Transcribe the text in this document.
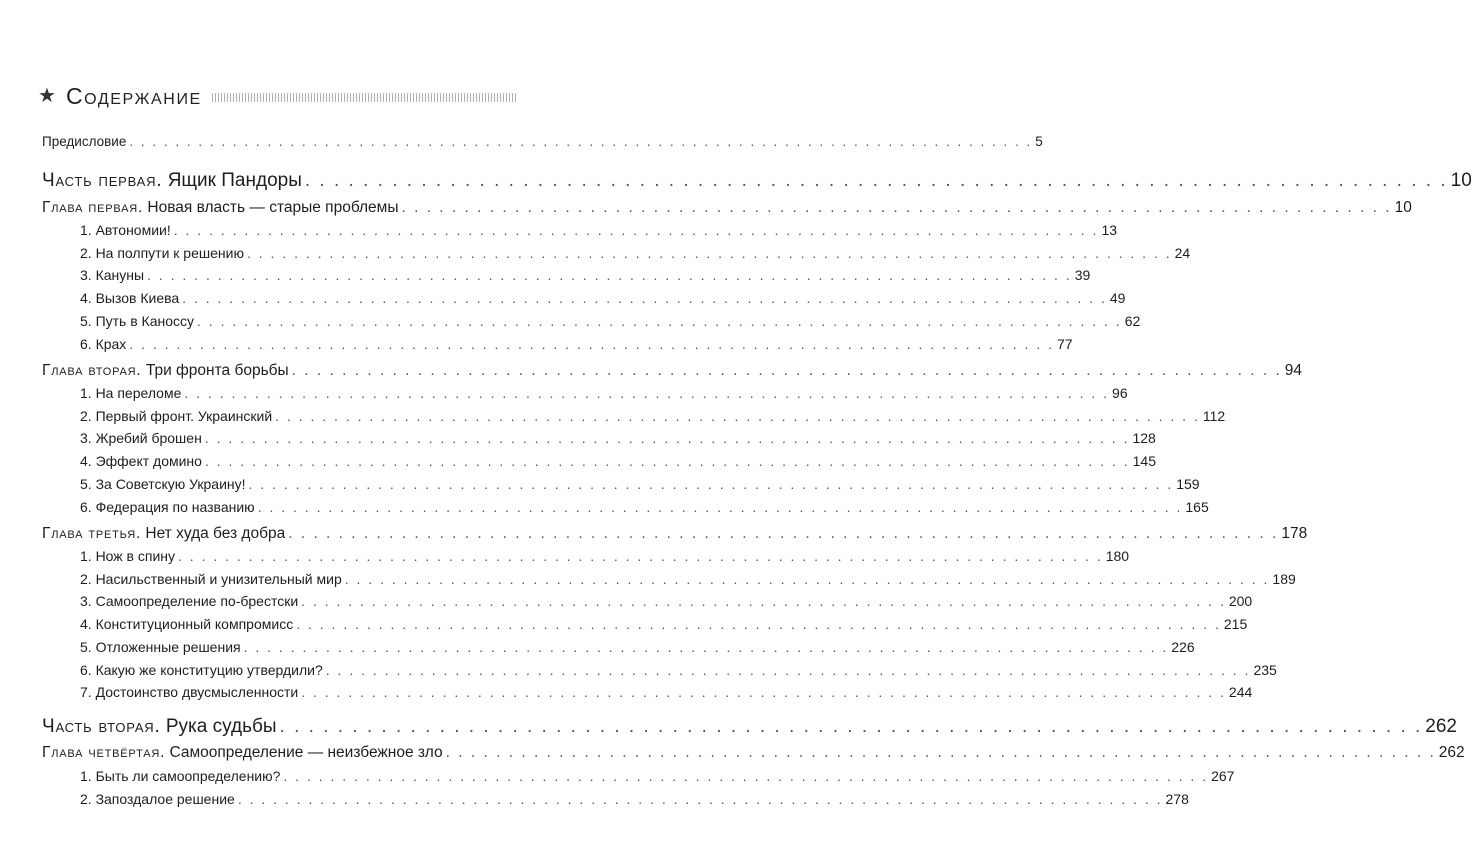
★ Содержание
Предисловие . . . . . . . . . . . . . . . . . . . . . . . . . . . . . . . . . . . . . . . . . . . . . . . . . . . . . . . . . . . . . . . . . . . . . . . . . . . . . . . 5
Часть первая. Ящик Пандоры . . . . . . . . . . . . . . . . . . . . . . . . . . . . . . . . . . . . . . . . . . . . . . . . . . . . . . . . . . . . . . . . . . . . . . . . . . . . . . . 10
Глава первая. Новая власть — старые проблемы . . . . . . . . . . . . . . . . . . . . . . . . . . . . . . . . . . . . . . . . . . . . . . . . . . . . . . . . . . . . . . . . . . . . . . . . . . . . . . . 10
1. Автономии! . . . . . . . . . . . . . . . . . . . . . . . . . . . . . . . . . . . . . . . . . . . . . . . . . . . . . . . . . . . . . . . . . . . . . . . . . . . . . . . 13
2. На полпути к решению . . . . . . . . . . . . . . . . . . . . . . . . . . . . . . . . . . . . . . . . . . . . . . . . . . . . . . . . . . . . . . . . . . . . . . . . . . . . . . . 24
3. Кануны . . . . . . . . . . . . . . . . . . . . . . . . . . . . . . . . . . . . . . . . . . . . . . . . . . . . . . . . . . . . . . . . . . . . . . . . . . . . . . . 39
4. Вызов Киева . . . . . . . . . . . . . . . . . . . . . . . . . . . . . . . . . . . . . . . . . . . . . . . . . . . . . . . . . . . . . . . . . . . . . . . . . . . . . . . 49
5. Путь в Каноссу . . . . . . . . . . . . . . . . . . . . . . . . . . . . . . . . . . . . . . . . . . . . . . . . . . . . . . . . . . . . . . . . . . . . . . . . . . . . . . . 62
6. Крах . . . . . . . . . . . . . . . . . . . . . . . . . . . . . . . . . . . . . . . . . . . . . . . . . . . . . . . . . . . . . . . . . . . . . . . . . . . . . . . 77
Глава вторая. Три фронта борьбы . . . . . . . . . . . . . . . . . . . . . . . . . . . . . . . . . . . . . . . . . . . . . . . . . . . . . . . . . . . . . . . . . . . . . . . . . . . . . . . 94
1. На переломе . . . . . . . . . . . . . . . . . . . . . . . . . . . . . . . . . . . . . . . . . . . . . . . . . . . . . . . . . . . . . . . . . . . . . . . . . . . . . . . 96
2. Первый фронт. Украинский . . . . . . . . . . . . . . . . . . . . . . . . . . . . . . . . . . . . . . . . . . . . . . . . . . . . . . . . . . . . . . . . . . . . . . . . . . . . . . . 112
3. Жребий брошен . . . . . . . . . . . . . . . . . . . . . . . . . . . . . . . . . . . . . . . . . . . . . . . . . . . . . . . . . . . . . . . . . . . . . . . . . . . . . . . 128
4. Эффект домино . . . . . . . . . . . . . . . . . . . . . . . . . . . . . . . . . . . . . . . . . . . . . . . . . . . . . . . . . . . . . . . . . . . . . . . . . . . . . . . 145
5. За Советскую Украину! . . . . . . . . . . . . . . . . . . . . . . . . . . . . . . . . . . . . . . . . . . . . . . . . . . . . . . . . . . . . . . . . . . . . . . . . . . . . . . . 159
6. Федерация по названию . . . . . . . . . . . . . . . . . . . . . . . . . . . . . . . . . . . . . . . . . . . . . . . . . . . . . . . . . . . . . . . . . . . . . . . . . . . . . . . 165
Глава третья. Нет худа без добра . . . . . . . . . . . . . . . . . . . . . . . . . . . . . . . . . . . . . . . . . . . . . . . . . . . . . . . . . . . . . . . . . . . . . . . . . . . . . . . 178
1. Нож в спину . . . . . . . . . . . . . . . . . . . . . . . . . . . . . . . . . . . . . . . . . . . . . . . . . . . . . . . . . . . . . . . . . . . . . . . . . . . . . . . 180
2. Насильственный и унизительный мир . . . . . . . . . . . . . . . . . . . . . . . . . . . . . . . . . . . . . . . . . . . . . . . . . . . . . . . . . . . . . . . . . . . . . . . . . . . . . . . 189
3. Самоопределение по-брестски . . . . . . . . . . . . . . . . . . . . . . . . . . . . . . . . . . . . . . . . . . . . . . . . . . . . . . . . . . . . . . . . . . . . . . . . . . . . . . . 200
4. Конституционный компромисс . . . . . . . . . . . . . . . . . . . . . . . . . . . . . . . . . . . . . . . . . . . . . . . . . . . . . . . . . . . . . . . . . . . . . . . . . . . . . . . 215
5. Отложенные решения . . . . . . . . . . . . . . . . . . . . . . . . . . . . . . . . . . . . . . . . . . . . . . . . . . . . . . . . . . . . . . . . . . . . . . . . . . . . . . . 226
6. Какую же конституцию утвердили? . . . . . . . . . . . . . . . . . . . . . . . . . . . . . . . . . . . . . . . . . . . . . . . . . . . . . . . . . . . . . . . . . . . . . . . . . . . . . . . 235
7. Достоинство двусмысленности . . . . . . . . . . . . . . . . . . . . . . . . . . . . . . . . . . . . . . . . . . . . . . . . . . . . . . . . . . . . . . . . . . . . . . . . . . . . . . . 244
Глава четвёртая. Самоопределение — неизбежное зло . . . . . . . . . . . . . . . . . . . . . . . . . . . . . . . . . . . . . . . . . . . . . . . . . . . . . . . . . . . . . . . . . . . . . . . . . . . . . . . 262
1. Быть ли самоопределению? . . . . . . . . . . . . . . . . . . . . . . . . . . . . . . . . . . . . . . . . . . . . . . . . . . . . . . . . . . . . . . . . . . . . . . . . . . . . . . . 267
2. Запоздалое решение . . . . . . . . . . . . . . . . . . . . . . . . . . . . . . . . . . . . . . . . . . . . . . . . . . . . . . . . . . . . . . . . . . . . . . . . . . . . . . . 278
Часть вторая. Рука судьбы . . . . . . . . . . . . . . . . . . . . . . . . . . . . . . . . . . . . . . . . . . . . . . . . . . . . . . . . . . . . . . . . . . . . . . . . . . . . . . . 262
